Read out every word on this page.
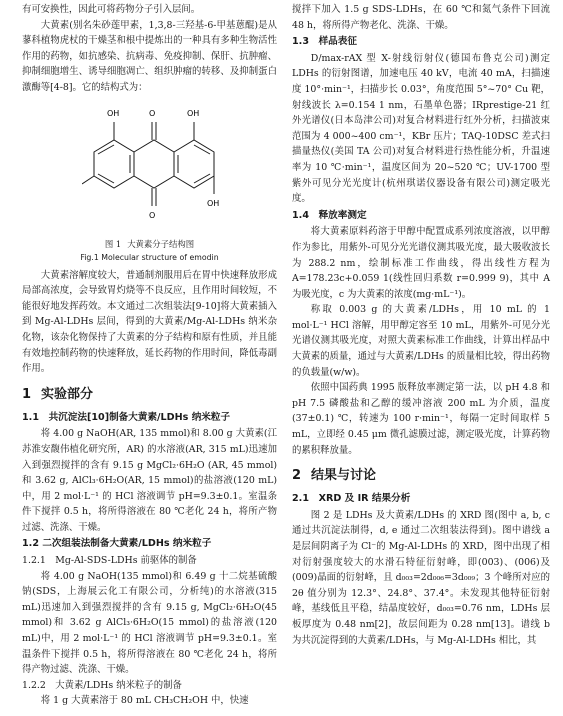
有可安换性，因此可将药物分子引入层间。

大黄素(别名朱砂莲甲素，1,3,8-三羟基-6-甲基蒽醌)是从蓼科植物虎杖的干燥茎和根中提炼出的一种具有多种生物活性作用的药物，如抗感染、抗病毒、免疫抑制、保肝、抗肿瘤、抑制细胞增生、诱导细胞凋亡、组织肿瘤的转移、及抑制蛋白激酶等[4-8]。它的结构式为：

OH	O	OH
O
OH
图 1 大黄素分子结构图
Fig.1 Molecular structure of emodin

大黄素溶解度较大，普通制剂服用后在胃中快速释放形成局部高浓度，会导致胃灼烧等不良反应，且作用时间较短，不能很好地发挥药效。本文通过二次组装法[9-10]将大黄素插入到 Mg-Al-LDHs 层间，得到的大黄素/Mg-Al-LDHs 纳米杂化物，该杂化物保持了大黄素的分子结构和原有性质，并且能有效地控制药物的快速释放，延长药物的作用时间，降低毒副作用。

1 实验部分
1.1　共沉淀法[10]制备大黄素/LDHs 纳米粒子

将 4.00 g NaOH(AR, 135 mmol)和 8.00 g 大黄素(江苏淮安馥伟植化研究所，AR) 的水溶液(AR, 315 mL)迅速加入到强烈搅拌的含有 9.15 g MgCl₂·6H₂O (AR, 45 mmol)和 3.62 g, AlCl₃·6H₂O(AR, 15 mmol)的盐溶液(120 mL)中，用 2 mol·L⁻¹ 的 HCl 溶液调节 pH=9.3±0.1。室温条件下搅拌 0.5 h，将所得溶液在 80 ℃老化 24 h，将所产物过滤、洗涤、干燥。

1.2 二次组装法制备大黄素/LDHs 纳米粒子
1.2.1　Mg-Al-SDS-LDHs 前驱体的制备

将 4.00 g NaOH(135 mmol)和 6.49 g 十二烷基硫酸钠(SDS，上海展云化工有限公司，分析纯)的水溶液(315 mL)迅速加入到强烈搅拌的含有 9.15 g, MgCl₂·6H₂O(45 mmol)和 3.62 g AlCl₃·6H₂O(15 mmol)的盐溶液(120 mL)中，用 2 mol·L⁻¹ 的 HCl 溶液调节 pH=9.3±0.1。室温条件下搅拌 0.5 h，将所得溶液在 80 ℃老化 24 h，将所得产物过滤、洗涤、干燥。

1.2.2　大黄素/LDHs 纳米粒子的制备

将 1 g 大黄素溶于 80 mL CH₃CH₂OH 中，快速

搅拌下加入 1.5 g SDS-LDHs，在 60 ℃和氮气条件下回流 48 h，将所得产物老化、洗涤、干燥。

1.3　样品表征

D/max-rAX 型 X-射线衍射仪(德国布鲁克公司)测定 LDHs 的衍射图谱，加速电压 40 kV，电流 40 mA，扫描速度 10°·min⁻¹，扫描步长 0.03°，角度范围 5°~70° Cu 靶，射线波长 λ=0.154 1 nm，石墨单色器；IRprestige-21 红外光谱仪(日本岛津公司)对复合材料进行红外分析，扫描波束范围为 4 000~400 cm⁻¹，KBr 压片；TAQ-10DSC 差式扫描量热仪(美国 TA 公司)对复合材料进行热性能分析，升温速率为 10 ℃·min⁻¹，温度区间为 20~520 ℃；UV-1700 型紫外可见分光光度计(杭州琪诺仪器设备有限公司)测定吸光度。

1.4　释放率测定

将大黄素原料药溶于甲醇中配置成系列浓度溶液，以甲醇作为参比，用紫外-可见分光光谱仪测其吸光度，最大吸收波长为 288.2 nm，绘制标准工作曲线，得出线性方程为 A=178.23c+0.059 1(线性回归系数 r=0.999 9)，其中 A 为吸光度，c 为大黄素的浓度(mg·mL⁻¹)。

称取 0.003 g 的大黄素/LDHs，用 10 mL 的 1 mol·L⁻¹ HCl 溶解，用甲醇定容至 10 mL，用紫外-可见分光光谱仪测其吸光度，对照大黄素标准工作曲线，计算出样品中大黄素的质量，通过与大黄素/LDHs 的质量相比较，得出药物的负载量(w/w)。

依照中国药典 1995 版释放率测定第一法，以 pH 4.8 和 pH 7.5 磷酸盐和乙醇的缓冲溶液 200 mL 为介质，温度(37±0.1) ℃，转速为 100 r·min⁻¹，每隔一定时间取样 5 mL，立即经 0.45 μm 微孔滤膜过滤，测定吸光度，计算药物的累积释放量。

2 结果与讨论
2.1　XRD 及 IR 结果分析

图 2 是 LDHs 及大黄素/LDHs 的 XRD 图(图中 a, b, c 通过共沉淀法制得，d, e 通过二次组装法得到)。图中谱线 a 是层间阴离子为 Cl⁻的 Mg-Al-LDHs 的 XRD，图中出现了相对衍射强度较大的水滑石特征衍射峰，即(003)、(006)及(009)晶面的衍射峰，且 d₀₀₃=2d₀₀₆=3d₀₀₉；3 个峰所对应的 2θ 值分别为 12.3°、24.8°、37.4°。未发现其他特征衍射峰，基线低且平稳，结晶度较好，d₀₀₃=0.76 nm，LDHs 层板厚度为 0.48 nm[2]，故层间距为 0.28 nm[13]。谱线 b 为共沉淀得到的大黄素/LDHs，与 Mg-Al-LDHs 相比，其
